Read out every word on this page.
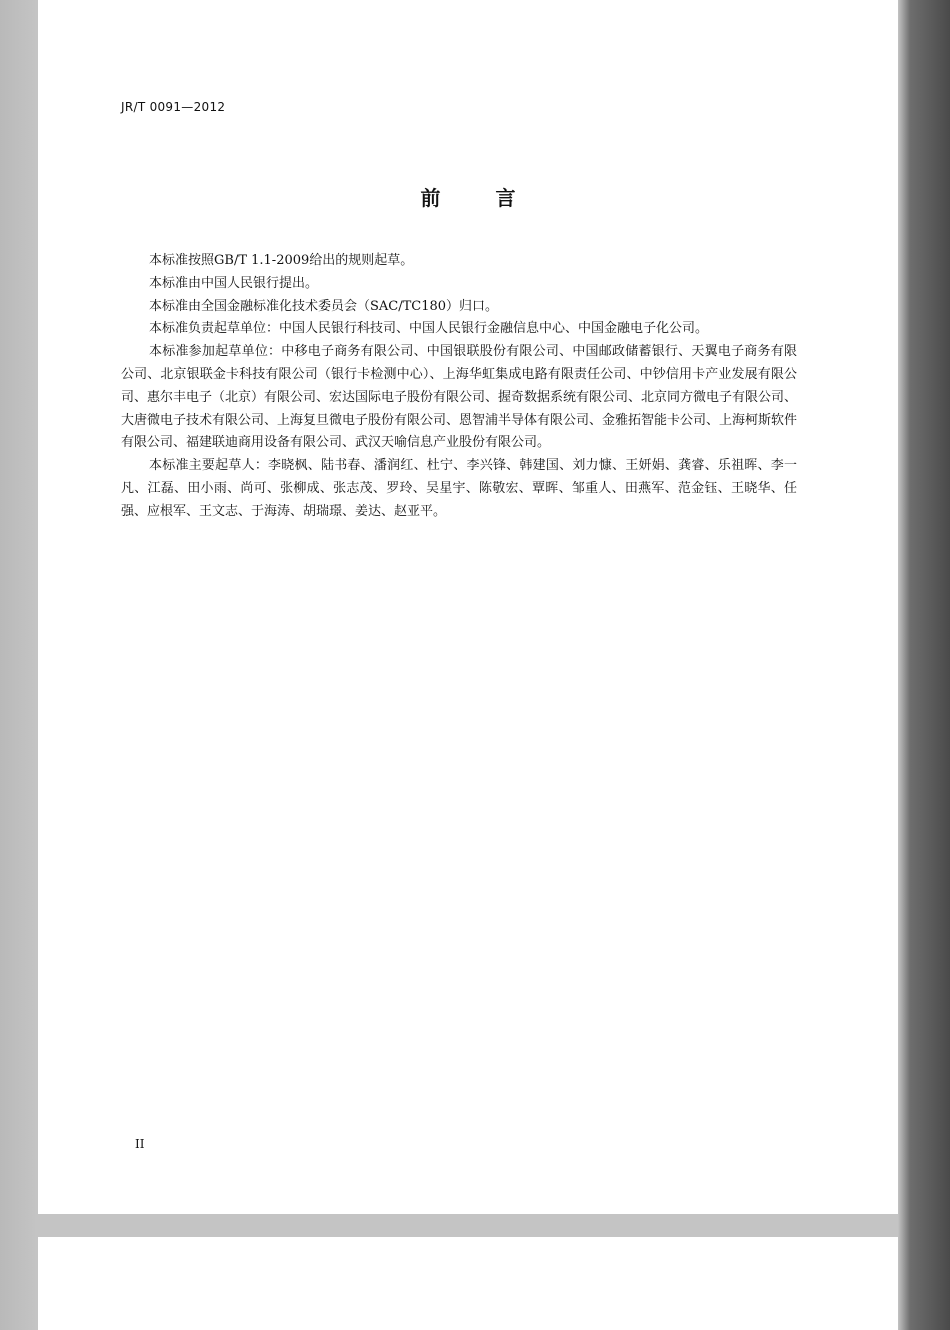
JR/T 0091—2012
前 言

本标准按照GB/T 1.1-2009给出的规则起草。

本标准由中国人民银行提出。

本标准由全国金融标准化技术委员会（SAC/TC180）归口。

本标准负责起草单位：中国人民银行科技司、中国人民银行金融信息中心、中国金融电子化公司。

本标准参加起草单位：中移电子商务有限公司、中国银联股份有限公司、中国邮政储蓄银行、天翼电子商务有限公司、北京银联金卡科技有限公司（银行卡检测中心）、上海华虹集成电路有限责任公司、中钞信用卡产业发展有限公司、惠尔丰电子（北京）有限公司、宏达国际电子股份有限公司、握奇数据系统有限公司、北京同方微电子有限公司、大唐微电子技术有限公司、上海复旦微电子股份有限公司、恩智浦半导体有限公司、金雅拓智能卡公司、上海柯斯软件有限公司、福建联迪商用设备有限公司、武汉天喻信息产业股份有限公司。

本标准主要起草人：李晓枫、陆书春、潘润红、杜宁、李兴锋、韩建国、刘力慷、王妍娟、龚睿、乐祖晖、李一凡、江磊、田小雨、尚可、张柳成、张志茂、罗玲、吴星宇、陈敬宏、覃晖、邹重人、田燕军、范金钰、王晓华、任强、应根军、王文志、于海涛、胡瑞璟、姜达、赵亚平。

II
